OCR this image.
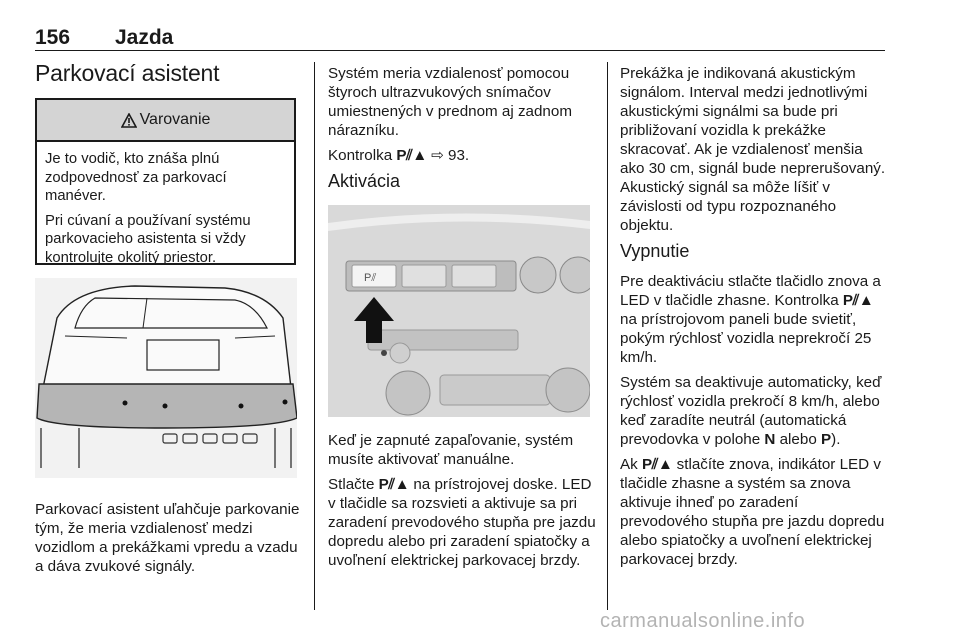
156 Jazda
Parkovací asistent
Varovanie

Je to vodič, kto znáša plnú zodpovednosť za parkovací manéver.

Pri cúvaní a používaní systému parkovacieho asistenta si vždy kontrolujte okolitý priestor.

Parkovací asistent uľahčuje parkovanie tým, že meria vzdialenosť medzi vozidlom a prekážkami vpredu a vzadu a dáva zvukové signály.

Systém meria vzdialenosť pomocou štyroch ultrazvukových snímačov umiestnených v prednom aj zadnom nárazníku.

Kontrolka P⫽▲ ⇨ 93.

Aktivácia
P⫽

Keď je zapnuté zapaľovanie, systém musíte aktivovať manuálne.

Stlačte P⫽▲ na prístrojovej doske. LED v tlačidle sa rozsvieti a aktivuje sa pri zaradení prevodového stupňa pre jazdu dopredu alebo pri zaradení spiatočky a uvoľnení elektrickej parkovacej brzdy.

Prekážka je indikovaná akustickým signálom. Interval medzi jednotlivými akustickými signálmi sa bude pri približovaní vozidla k prekážke skracovať. Ak je vzdialenosť menšia ako 30 cm, signál bude neprerušovaný. Akustický signál sa môže líšiť v závislosti od typu rozpoznaného objektu.

Vypnutie

Pre deaktiváciu stlačte tlačidlo znova a LED v tlačidle zhasne. Kontrolka P⫽▲ na prístrojovom paneli bude svietiť, pokým rýchlosť vozidla neprekročí 25 km/h.

Systém sa deaktivuje automaticky, keď rýchlosť vozidla prekročí 8 km/h, alebo keď zaradíte neutrál (automatická prevodovka v polohe N alebo P).

Ak P⫽▲ stlačíte znova, indikátor LED v tlačidle zhasne a systém sa znova aktivuje ihneď po zaradení prevodového stupňa pre jazdu dopredu alebo spiatočky a uvoľnení elektrickej parkovacej brzdy.

carmanualsonline.info
